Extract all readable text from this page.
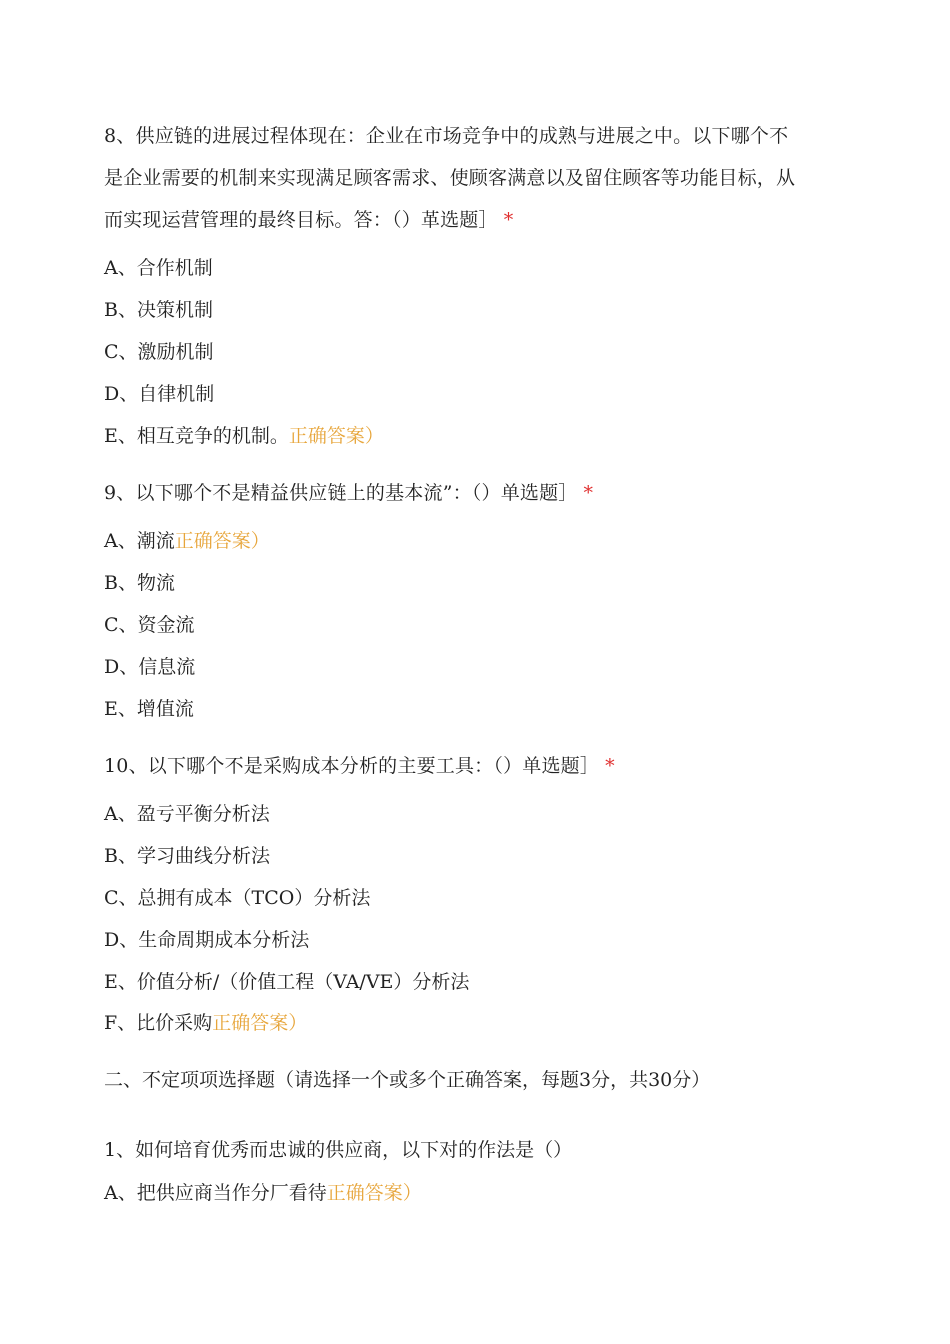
8、供应链的进展过程体现在：企业在市场竞争中的成熟与进展之中。以下哪个不
是企业需要的机制来实现满足顾客需求、使顾客满意以及留住顾客等功能目标，从
而实现运营管理的最终目标。答：（）革选题］ *
A、合作机制
B、决策机制
C、激励机制
D、自律机制
E、相互竞争的机制。正确答案）
9、以下哪个不是精益供应链上的基本流”：（）单选题］ *
A、潮流正确答案）
B、物流
C、资金流
D、信息流
E、增值流
10、以下哪个不是采购成本分析的主要工具：（）单选题］ *
A、盈亏平衡分析法
B、学习曲线分析法
C、总拥有成本（TCO）分析法
D、生命周期成本分析法
E、价值分析/（价值工程（VA/VE）分析法
F、比价采购正确答案）
二、不定项项选择题（请选择一个或多个正确答案，每题3分，共30分）
1、如何培育优秀而忠诚的供应商，以下对的作法是（）
A、把供应商当作分厂看待正确答案）
